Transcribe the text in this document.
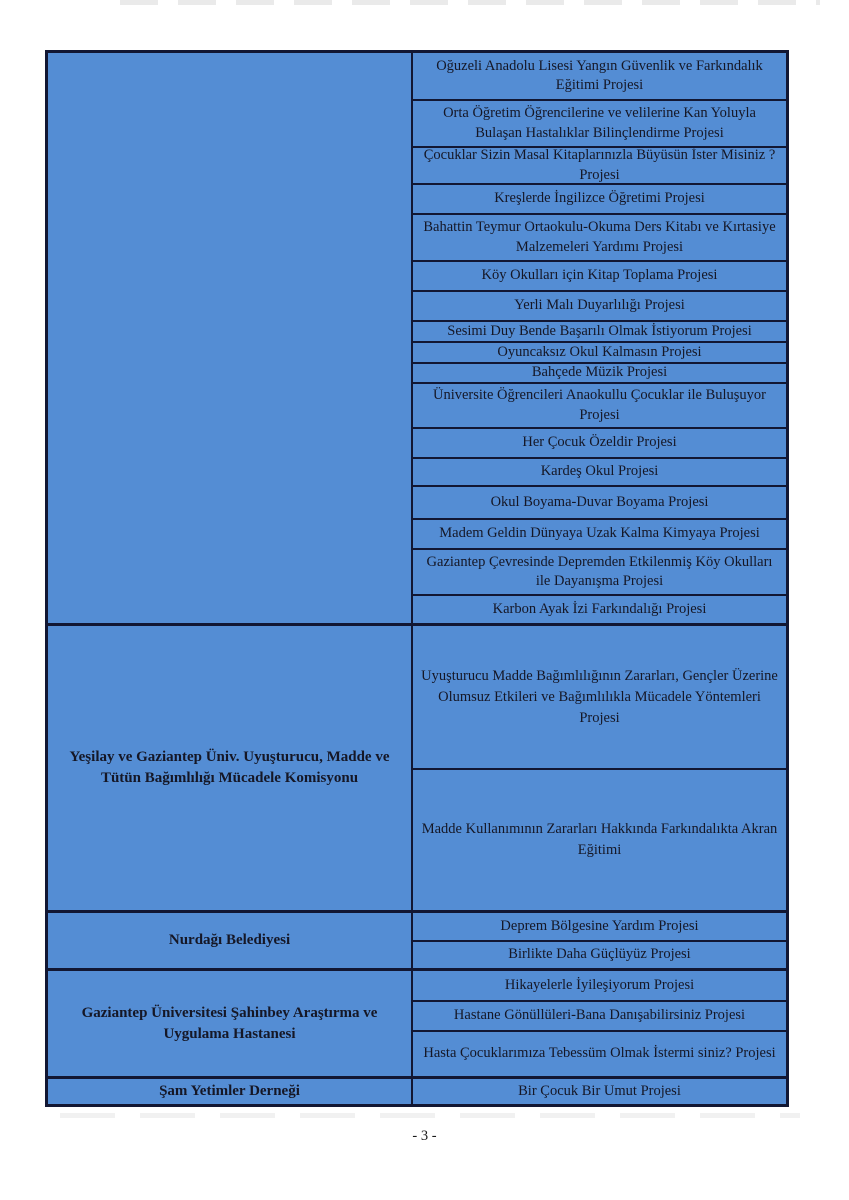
Oğuzeli Anadolu Lisesi Yangın Güvenlik ve Farkındalık Eğitimi Projesi
Orta Öğretim Öğrencilerine ve velilerine Kan Yoluyla Bulaşan Hastalıklar Bilinçlendirme Projesi
Çocuklar Sizin Masal Kitaplarınızla Büyüsün İster Misiniz ? Projesi
Kreşlerde İngilizce Öğretimi Projesi
Bahattin Teymur Ortaokulu-Okuma Ders Kitabı ve Kırtasiye Malzemeleri Yardımı Projesi
Köy Okulları için Kitap Toplama Projesi
Yerli Malı Duyarlılığı Projesi
Sesimi Duy Bende Başarılı Olmak İstiyorum Projesi
Oyuncaksız Okul Kalmasın Projesi
Bahçede Müzik Projesi
Üniversite Öğrencileri Anaokullu Çocuklar ile Buluşuyor Projesi
Her Çocuk Özeldir Projesi
Kardeş Okul Projesi
Okul Boyama-Duvar Boyama Projesi
Madem Geldin Dünyaya Uzak Kalma Kimyaya Projesi
Gaziantep Çevresinde Depremden Etkilenmiş Köy Okulları ile Dayanışma Projesi
Karbon Ayak İzi Farkındalığı Projesi
Yeşilay ve Gaziantep Üniv. Uyuşturucu, Madde ve Tütün Bağımlılığı Mücadele Komisyonu
Uyuşturucu Madde Bağımlılığının Zararları, Gençler Üzerine Olumsuz Etkileri ve Bağımlılıkla Mücadele Yöntemleri Projesi
Madde Kullanımının Zararları Hakkında Farkındalıkta Akran Eğitimi
Nurdağı Belediyesi
Deprem Bölgesine Yardım Projesi
Birlikte Daha Güçlüyüz Projesi
Gaziantep Üniversitesi Şahinbey Araştırma ve Uygulama Hastanesi
Hikayelerle İyileşiyorum Projesi
Hastane Gönüllüleri-Bana Danışabilirsiniz Projesi
Hasta Çocuklarımıza Tebessüm Olmak İstermi siniz? Projesi
Şam Yetimler Derneği	Bir Çocuk Bir Umut Projesi
- 3 -
